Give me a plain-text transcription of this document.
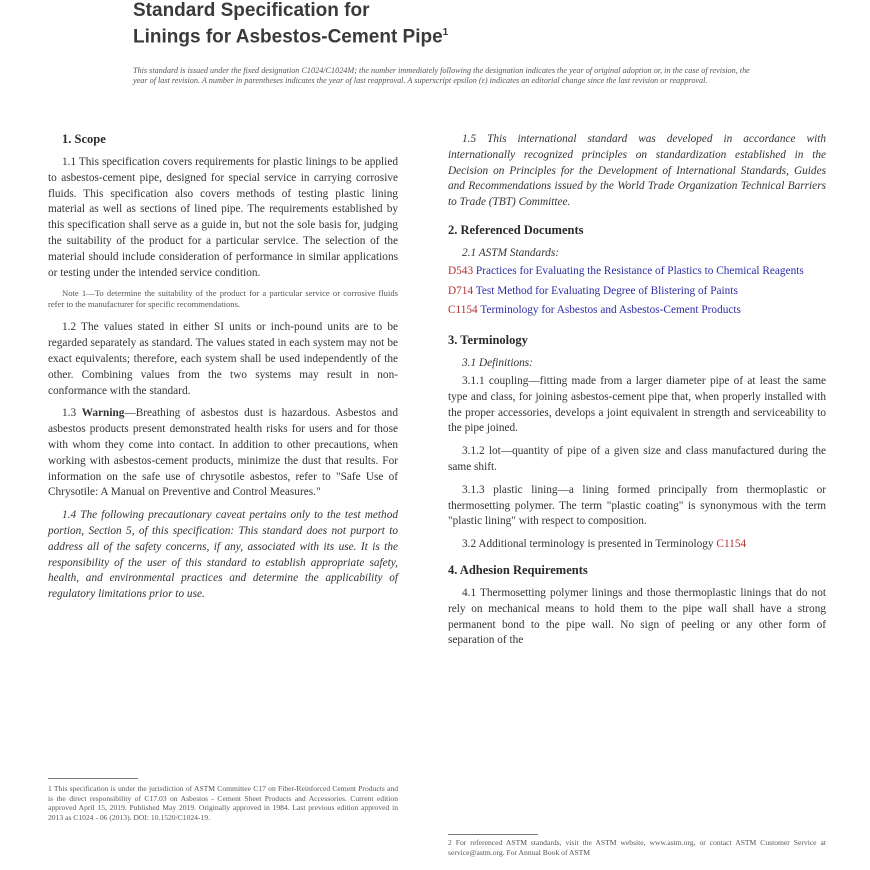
Standard Specification for
Linings for Asbestos-Cement Pipe$^1$
This standard is issued under the fixed designation C1024/C1024M; the number immediately following the designation indicates the year of original adoption or, in the case of revision, the year of last revision. A number in parentheses indicates the year of last reapproval. A superscript epsilon (ε) indicates an editorial change since the last revision or reapproval.
1. Scope
1.1 This specification covers requirements for plastic linings to be applied to asbestos-cement pipe, designed for special service in carrying corrosive fluids. This specification also covers methods of testing plastic lining material as well as sections of lined pipe. The requirements established by this specification shall serve as a guide in, but not the sole basis for, judging the suitability of the product for a particular service. The selection of the material should include consideration of performance in similar applications or testing under the intended service condition.
Note 1—To determine the suitability of the product for a particular service or corrosive fluids refer to the manufacturer for specific recommendations.
1.2 The values stated in either SI units or inch-pound units are to be regarded separately as standard. The values stated in each system may not be exact equivalents; therefore, each system shall be used independently of the other. Combining values from the two systems may result in non-conformance with the standard.
1.3 Warning—Breathing of asbestos dust is hazardous. Asbestos and asbestos products present demonstrated health risks for users and for those with whom they come into contact. In addition to other precautions, when working with asbestos-cement products, minimize the dust that results. For information on the safe use of chrysotile asbestos, refer to "Safe Use of Chrysotile: A Manual on Preventive and Control Measures."
1.4 The following precautionary caveat pertains only to the test method portion, Section 5, of this specification: This standard does not purport to address all of the safety concerns, if any, associated with its use. It is the responsibility of the user of this standard to establish appropriate safety, health, and environmental practices and determine the applicability of regulatory limitations prior to use.
1.5 This international standard was developed in accordance with internationally recognized principles on standardization established in the Decision on Principles for the Development of International Standards, Guides and Recommendations issued by the World Trade Organization Technical Barriers to Trade (TBT) Committee.
2. Referenced Documents
2.1 ASTM Standards:
D543 Practices for Evaluating the Resistance of Plastics to Chemical Reagents
D714 Test Method for Evaluating Degree of Blistering of Paints
C1154 Terminology for Asbestos and Asbestos-Cement Products
3. Terminology
3.1 Definitions:
3.1.1 coupling—fitting made from a larger diameter pipe of at least the same type and class, for joining asbestos-cement pipe that, when properly installed with the proper accessories, develops a joint equivalent in strength and serviceability to the pipe joined.
3.1.2 lot—quantity of pipe of a given size and class manufactured during the same shift.
3.1.3 plastic lining—a lining formed principally from thermoplastic or thermosetting polymer. The term "plastic coating" is synonymous with the term "plastic lining" with respect to composition.
3.2 Additional terminology is presented in Terminology C1154
4. Adhesion Requirements
4.1 Thermosetting polymer linings and those thermoplastic linings that do not rely on mechanical means to hold them to the pipe wall shall have a strong permanent bond to the pipe wall. No sign of peeling or any other form of separation of the
1 This specification is under the jurisdiction of ASTM Committee C17 on Fiber-Reinforced Cement Products and is the direct responsibility of C17.03 on Asbestos - Cement Sheet Products and Accessories. Current edition approved April 15, 2019. Published May 2019. Originally approved in 1984. Last previous edition approved in 2013 as C1024 - 06 (2013). DOI: 10.1520/C1024-19.
2 For referenced ASTM standards, visit the ASTM website, www.astm.org, or contact ASTM Customer Service at service@astm.org. For Annual Book of ASTM
